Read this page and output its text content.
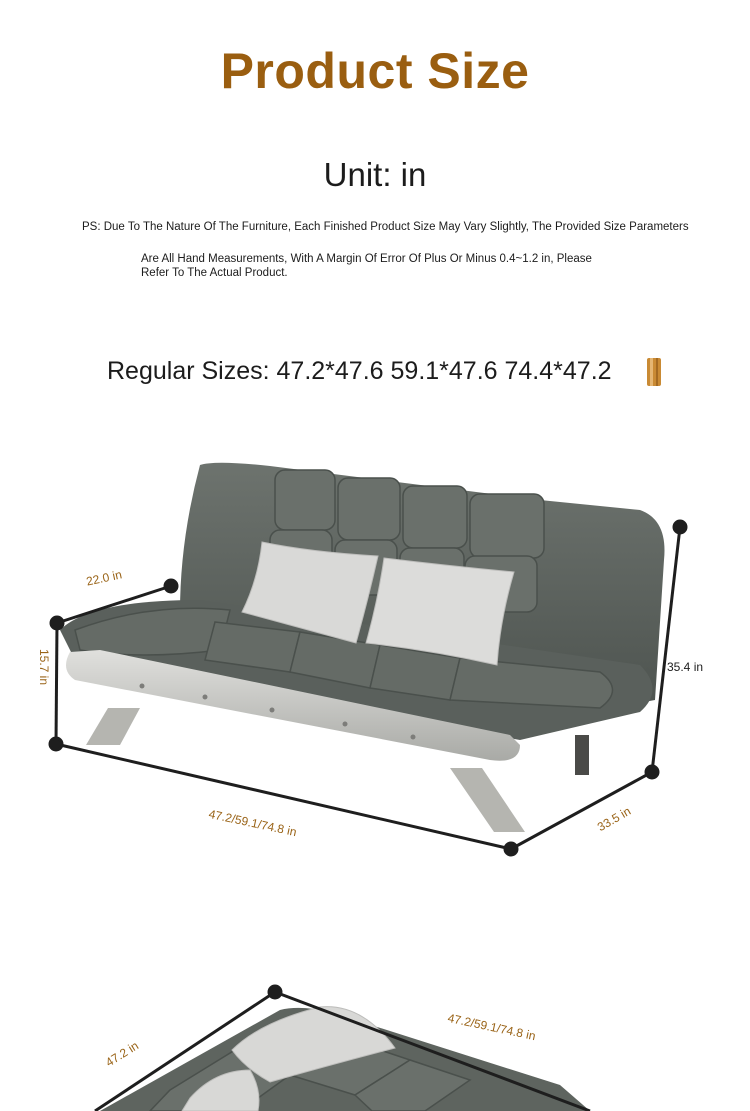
Product Size
Unit: in
PS: Due To The Nature Of The Furniture, Each Finished Product Size May Vary Slightly, The Provided Size Parameters
Are All Hand Measurements, With A Margin Of Error Of Plus Or Minus 0.4~1.2 in, Please
Refer To The Actual Product.
Regular Sizes: 47.2*47.6 59.1*47.6 74.4*47.2
22.0 in
15.7 in	35.4 in
47.2/59.1/74.8 in	33.5 in
47.2/59.1/74.8 in
47.2 in
